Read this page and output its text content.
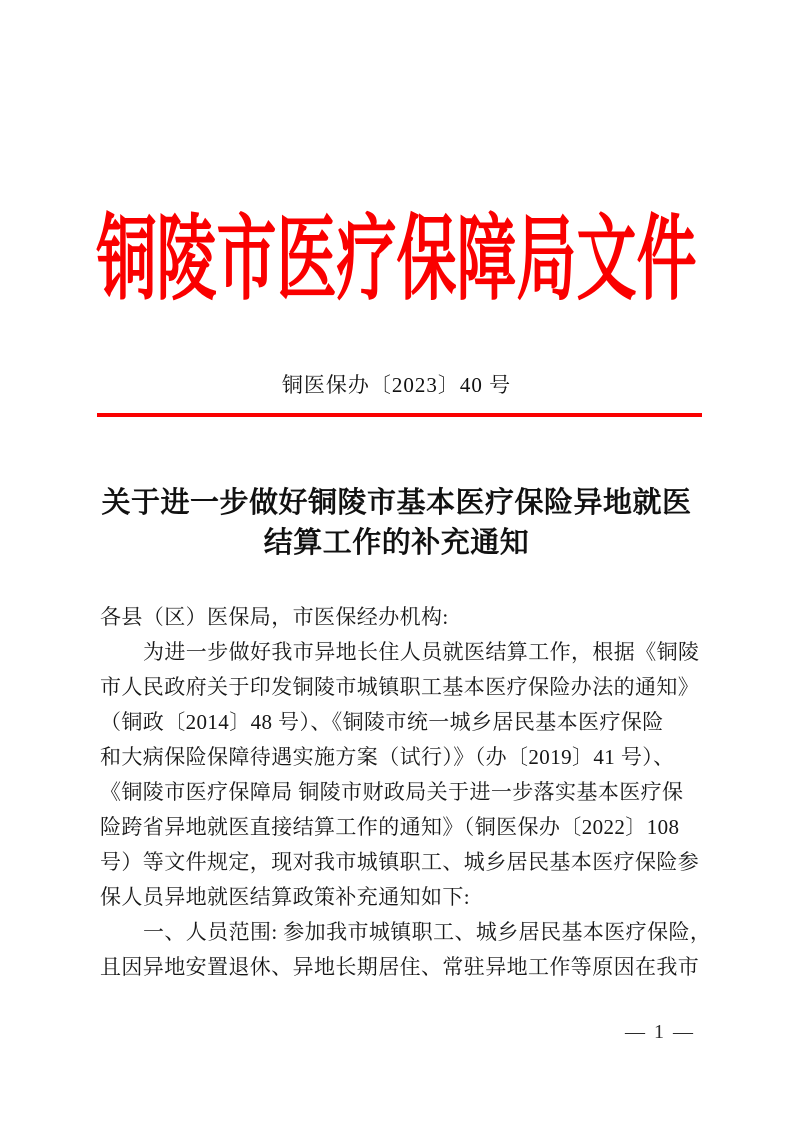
铜陵市医疗保障局文件
铜医保办〔2023〕40 号
关于进一步做好铜陵市基本医疗保险异地就医
结算工作的补充通知
各县（区）医保局，市医保经办机构:
为进一步做好我市异地长住人员就医结算工作，根据《铜陵
市人民政府关于印发铜陵市城镇职工基本医疗保险办法的通知》
（铜政〔2014〕48 号）、《铜陵市统一城乡居民基本医疗保险
和大病保险保障待遇实施方案（试行）》（办〔2019〕41 号）、
《铜陵市医疗保障局 铜陵市财政局关于进一步落实基本医疗保
险跨省异地就医直接结算工作的通知》（铜医保办〔2022〕108
号）等文件规定，现对我市城镇职工、城乡居民基本医疗保险参
保人员异地就医结算政策补充通知如下:
一、人员范围: 参加我市城镇职工、城乡居民基本医疗保险，
且因异地安置退休、异地长期居住、常驻异地工作等原因在我市
— 1 —
